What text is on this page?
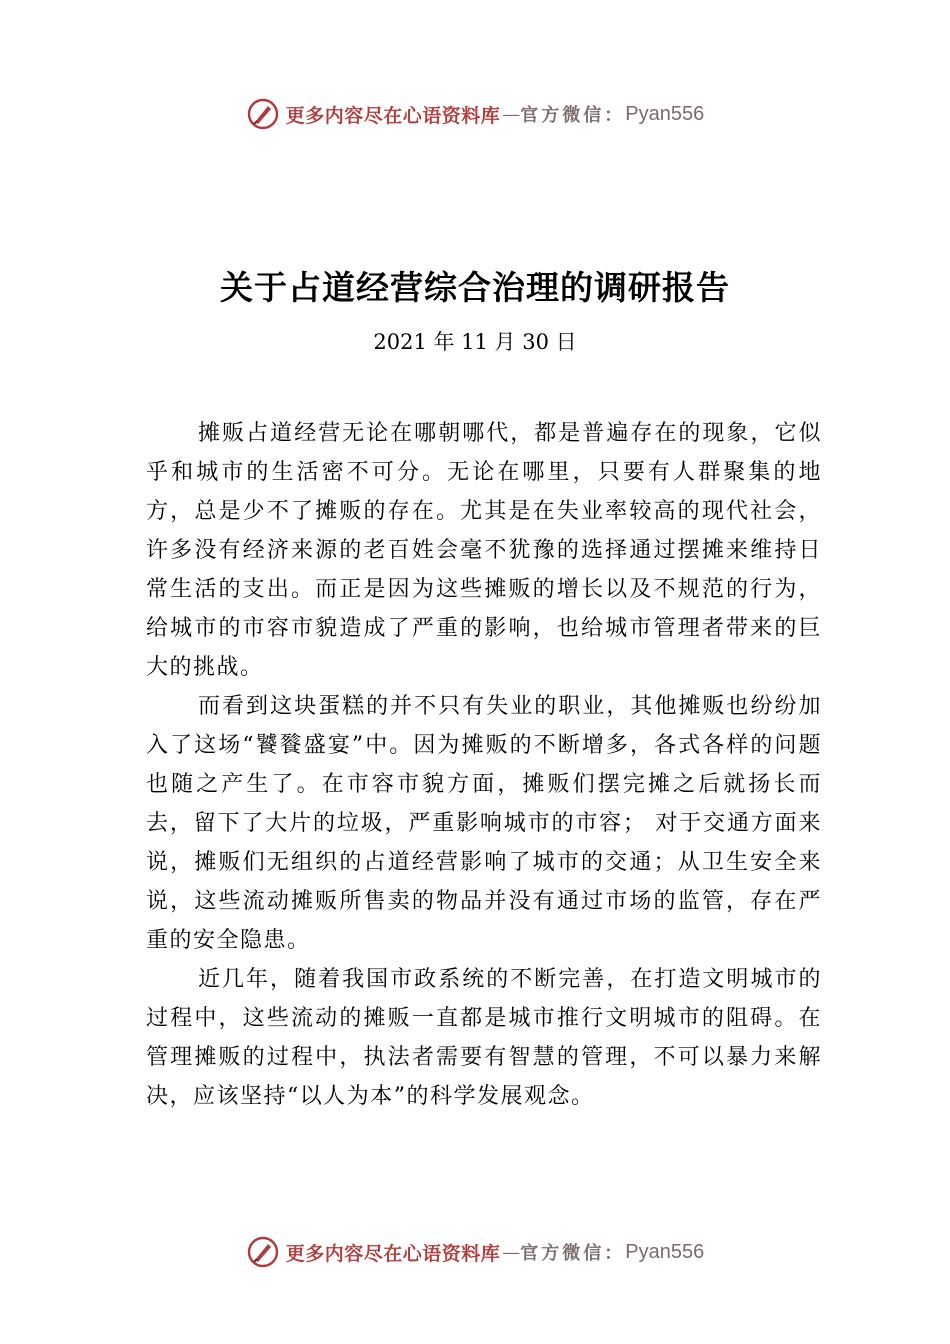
更多内容尽在心语资料库 — 官方微信： Pyan556
关于占道经营综合治理的调研报告
2021 年 11 月 30 日

摊贩占道经营无论在哪朝哪代，都是普遍存在的现象，它似乎和城市的生活密不可分。无论在哪里，只要有人群聚集的地方，总是少不了摊贩的存在。尤其是在失业率较高的现代社会，许多没有经济来源的老百姓会毫不犹豫的选择通过摆摊来维持日常生活的支出。而正是因为这些摊贩的增长以及不规范的行为，给城市的市容市貌造成了严重的影响，也给城市管理者带来的巨大的挑战。

而看到这块蛋糕的并不只有失业的职业，其他摊贩也纷纷加入了这场“饕餮盛宴”中。因为摊贩的不断增多，各式各样的问题也随之产生了。在市容市貌方面，摊贩们摆完摊之后就扬长而去，留下了大片的垃圾，严重影响城市的市容； 对于交通方面来说，摊贩们无组织的占道经营影响了城市的交通；从卫生安全来说，这些流动摊贩所售卖的物品并没有通过市场的监管，存在严重的安全隐患。

近几年，随着我国市政系统的不断完善，在打造文明城市的过程中，这些流动的摊贩一直都是城市推行文明城市的阻碍。在管理摊贩的过程中，执法者需要有智慧的管理，不可以暴力来解决，应该坚持“以人为本”的科学发展观念。

更多内容尽在心语资料库 — 官方微信： Pyan556
